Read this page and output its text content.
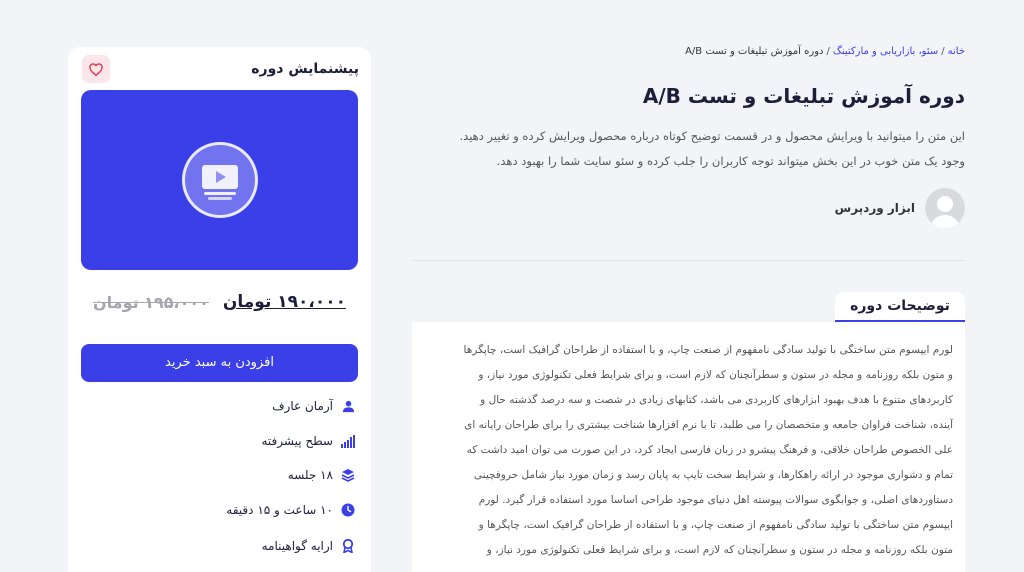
خانه/سئو، بازاریابی و مارکتینگ/دوره آموزش تبلیغات و تست A/B
دوره آموزش تبلیغات و تست A/B

این متن را میتوانید با ویرایش محصول و در قسمت توضیح کوتاه درباره محصول ویرایش کرده و تغییر دهید.

وجود یک متن خوب در این بخش میتواند توجه کاربران را جلب کرده و سئو سایت شما را بهبود دهد.

ابزار وردپرس
توضیحات دوره

لورم ایپسوم متن ساختگی با تولید سادگی نامفهوم از صنعت چاپ، و با استفاده از طراحان گرافیک است، چاپگرها

و متون بلکه روزنامه و مجله در ستون و سطرآنچنان که لازم است، و برای شرایط فعلی تکنولوژی مورد نیاز، و

کاربردهای متنوع با هدف بهبود ابزارهای کاربردی می باشد، کتابهای زیادی در شصت و سه درصد گذشته حال و

آینده، شناخت فراوان جامعه و متخصصان را می طلبد، تا با نرم افزارها شناخت بیشتری را برای طراحان رایانه ای

علی الخصوص طراحان خلاقی، و فرهنگ پیشرو در زبان فارسی ایجاد کرد، در این صورت می توان امید داشت که

تمام و دشواری موجود در ارائه راهکارها، و شرایط سخت تایپ به پایان رسد و زمان مورد نیاز شامل حروفچینی

دستاوردهای اصلی، و جوابگوی سوالات پیوسته اهل دنیای موجود طراحی اساسا مورد استفاده قرار گیرد. لورم

ایپسوم متن ساختگی با تولید سادگی نامفهوم از صنعت چاپ، و با استفاده از طراحان گرافیک است، چاپگرها و

متون بلکه روزنامه و مجله در ستون و سطرآنچنان که لازم است، و برای شرایط فعلی تکنولوژی مورد نیاز، و

پیشنمایش دوره
۱۹۰،۰۰۰ تومان
۱۹۵،۰۰۰ تومان
افزودن به سبد خرید
آرمان عارف
سطح پیشرفته
۱۸ جلسه
۱۰ ساعت و ۱۵ دقیقه
ارایه گواهینامه
